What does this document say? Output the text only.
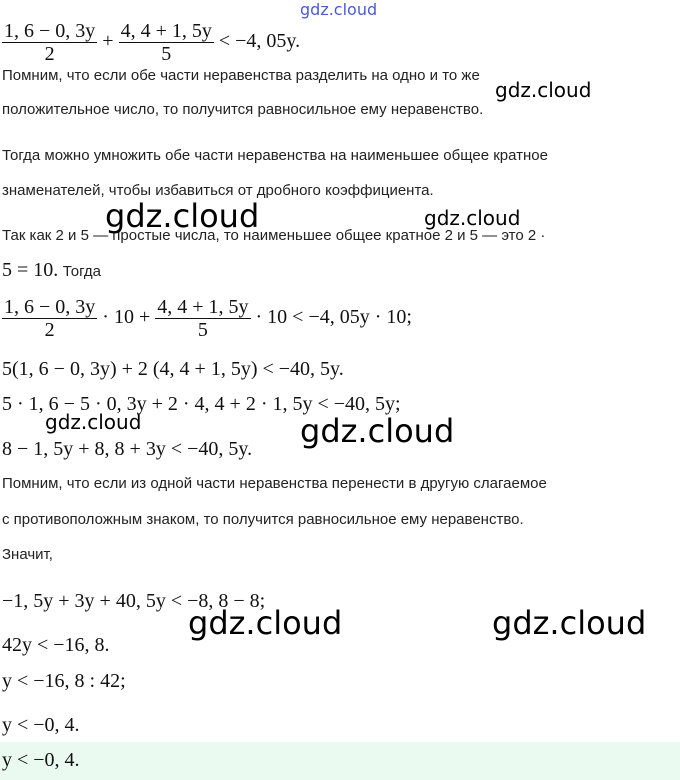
gdz.cloud
gdz.cloud
gdz.cloud	gdz.cloud
gdz.cloud	gdz.cloud
gdz.cloud	gdz.cloud
$\frac{1, 6 - 0, 3y}{2} + \frac{4, 4 + 1, 5y}{5} < -4$, 05y.
Помним, что если обе части неравенства разделить на одно и то же
положительное число, то получится равносильное ему неравенство.
Тогда можно умножить обе части неравенства на наименьшее общее кратное
знаменателей, чтобы избавиться от дробного коэффициента.
Так как 2 и 5 — простые числа, то наименьшее общее кратное 2 и 5 — это 2 ·
5 = 10. Тогда
$\frac{1, 6 - 0, 3y}{2} \cdot 10 + \frac{4, 4 + 1, 5y}{5} \cdot 10 < -4$, 05y · 10;
5(1, 6 − 0, 3y) + 2 (4, 4 + 1, 5y) < −40, 5y.
5 · 1, 6 − 5 · 0, 3y + 2 · 4, 4 + 2 · 1, 5y < −40, 5y;
8 − 1, 5y + 8, 8 + 3y < −40, 5y.
Помним, что если из одной части неравенства перенести в другую слагаемое
с противоположным знаком, то получится равносильное ему неравенство.
Значит,
−1, 5y + 3y + 40, 5y < −8, 8 − 8;
42y < −16, 8.
y < −16, 8 : 42;
y < −0, 4.
y < −0, 4.
